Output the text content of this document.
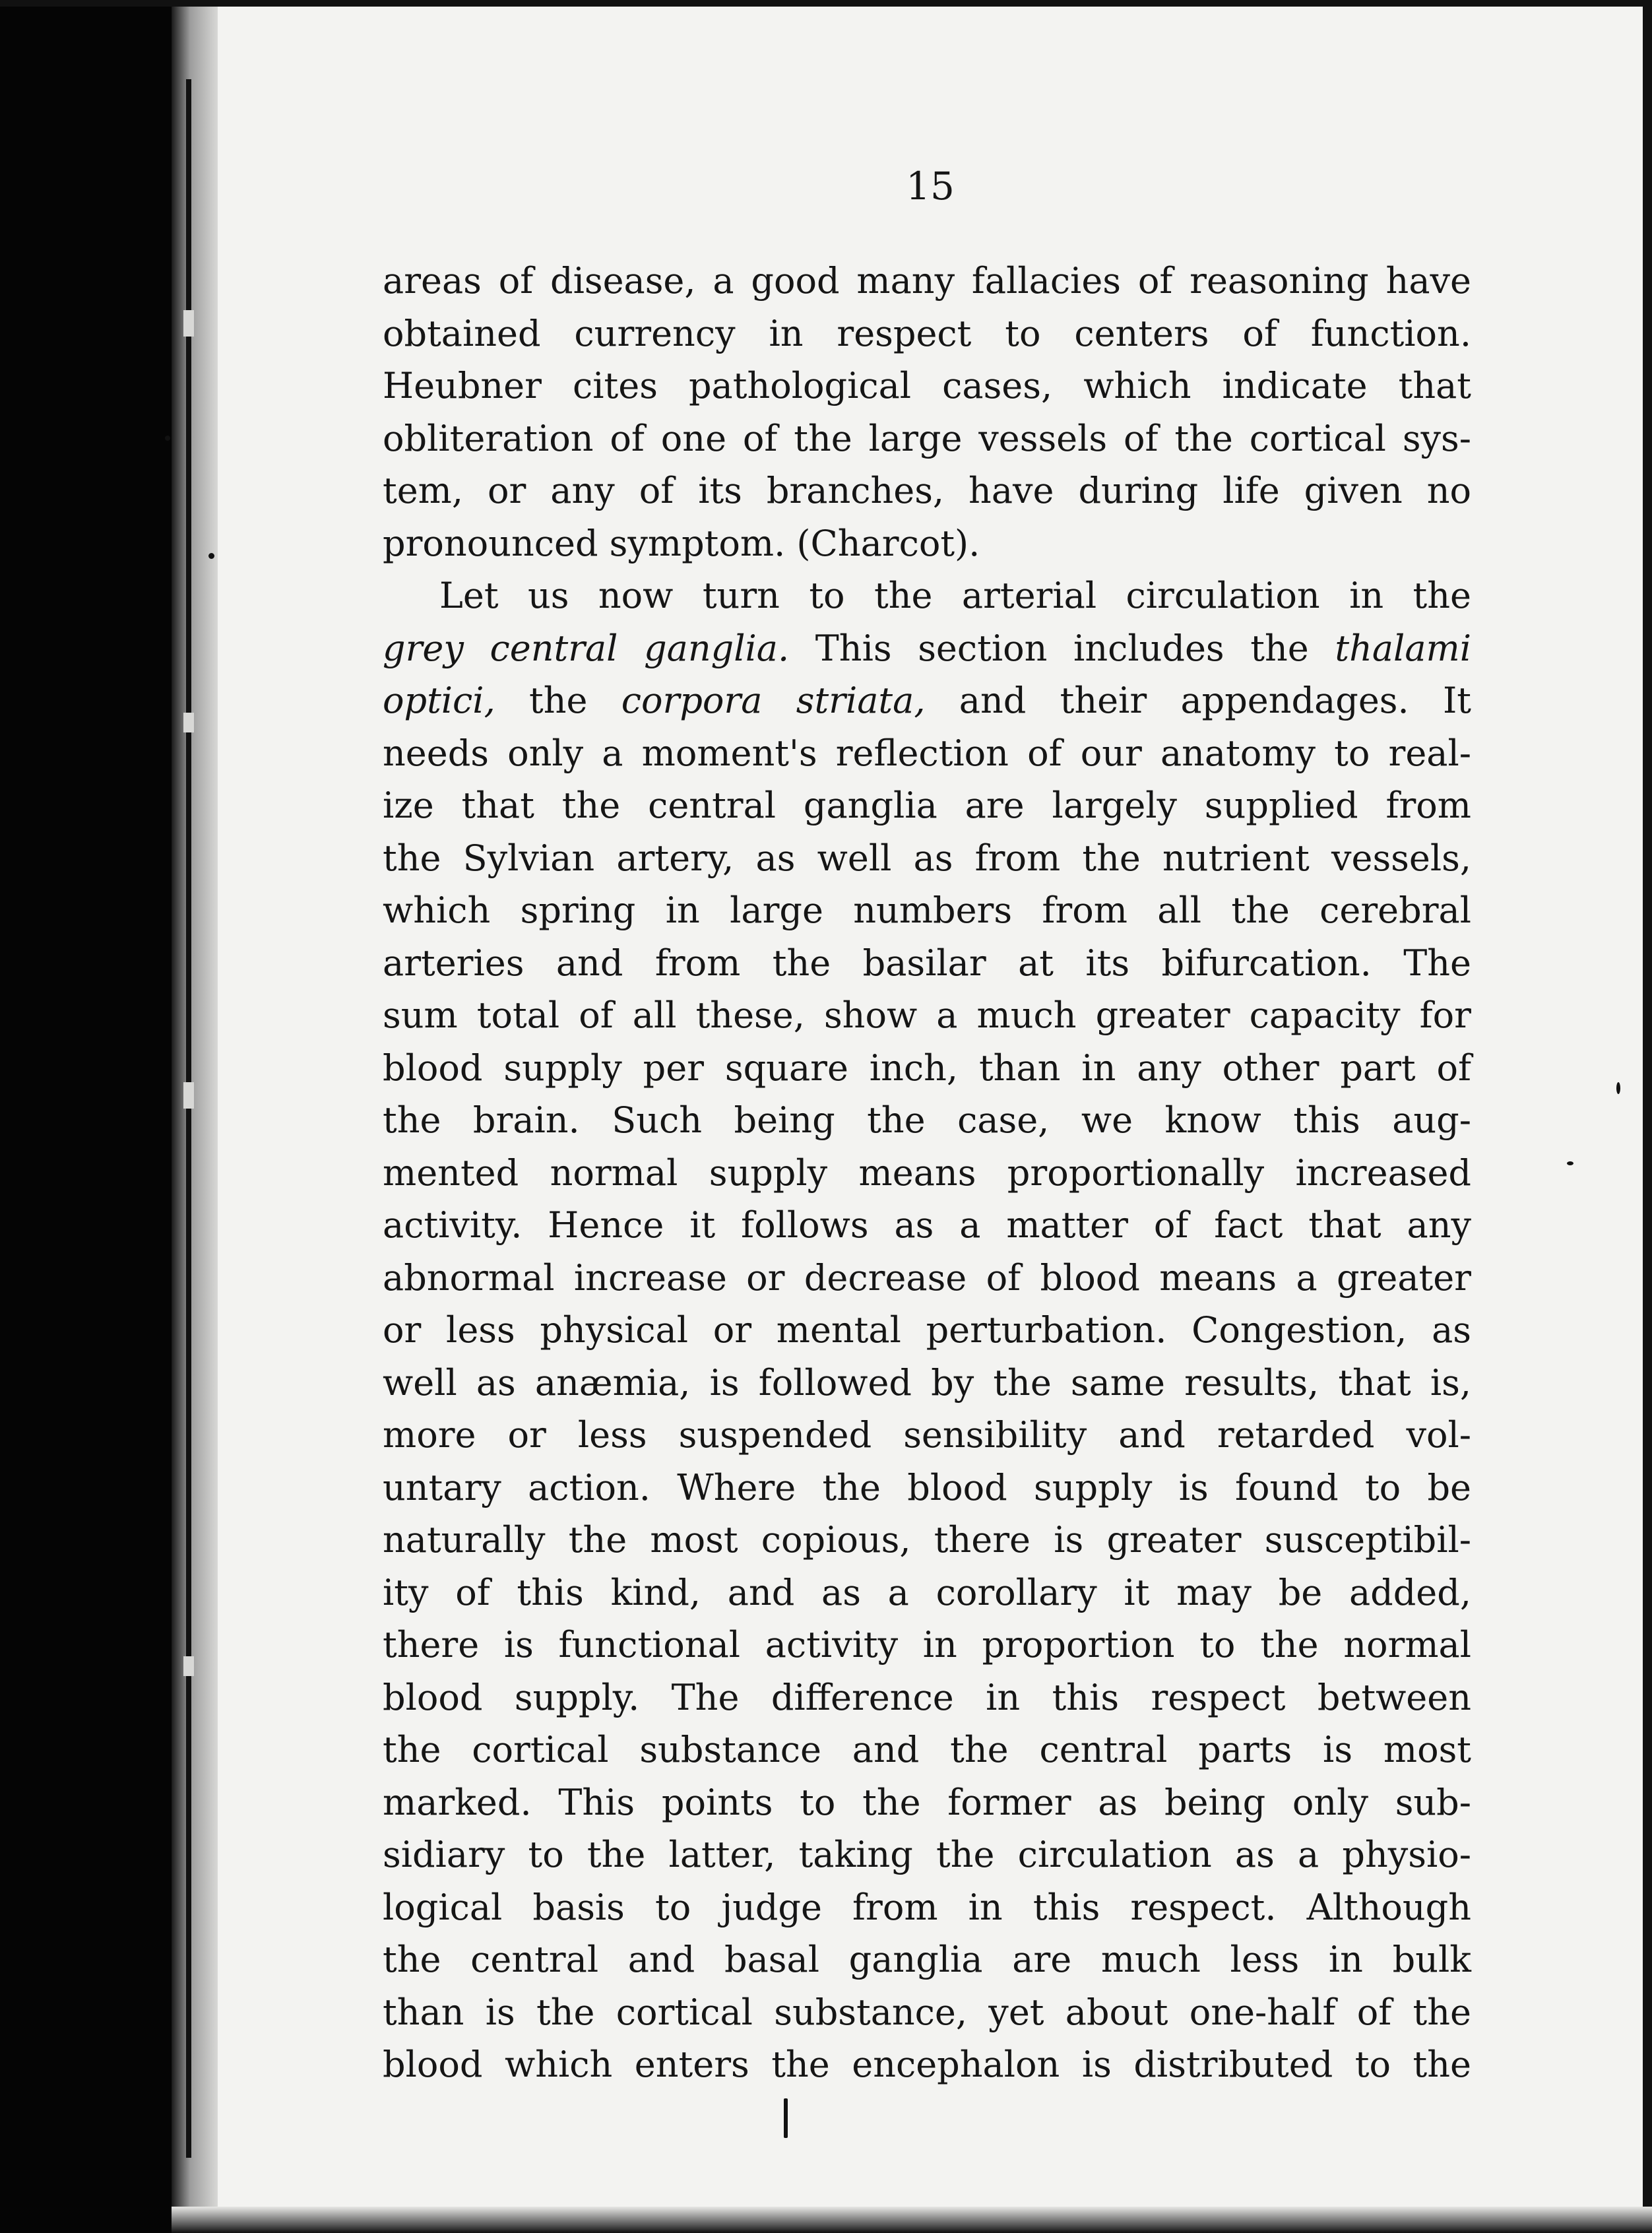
15
areas of disease, a good many fallacies of reasoning have
obtained currency in respect to centers of function.
Heubner cites pathological cases, which indicate that
obliteration of one of the large vessels of the cortical sys-
tem, or any of its branches, have during life given no
pronounced symptom. (Charcot).
Let us now turn to the arterial circulation in the
grey central ganglia. This section includes the thalami
optici, the corpora striata, and their appendages. It
needs only a moment's reflection of our anatomy to real-
ize that the central ganglia are largely supplied from
the Sylvian artery, as well as from the nutrient vessels,
which spring in large numbers from all the cerebral
arteries and from the basilar at its bifurcation. The
sum total of all these, show a much greater capacity for
blood supply per square inch, than in any other part of
the brain. Such being the case, we know this aug-
mented normal supply means proportionally increased
activity. Hence it follows as a matter of fact that any
abnormal increase or decrease of blood means a greater
or less physical or mental perturbation. Congestion, as
well as anæmia, is followed by the same results, that is,
more or less suspended sensibility and retarded vol-
untary action. Where the blood supply is found to be
naturally the most copious, there is greater susceptibil-
ity of this kind, and as a corollary it may be added,
there is functional activity in proportion to the normal
blood supply. The difference in this respect between
the cortical substance and the central parts is most
marked. This points to the former as being only sub-
sidiary to the latter, taking the circulation as a physio-
logical basis to judge from in this respect. Although
the central and basal ganglia are much less in bulk
than is the cortical substance, yet about one-half of the
blood which enters the encephalon is distributed to the
